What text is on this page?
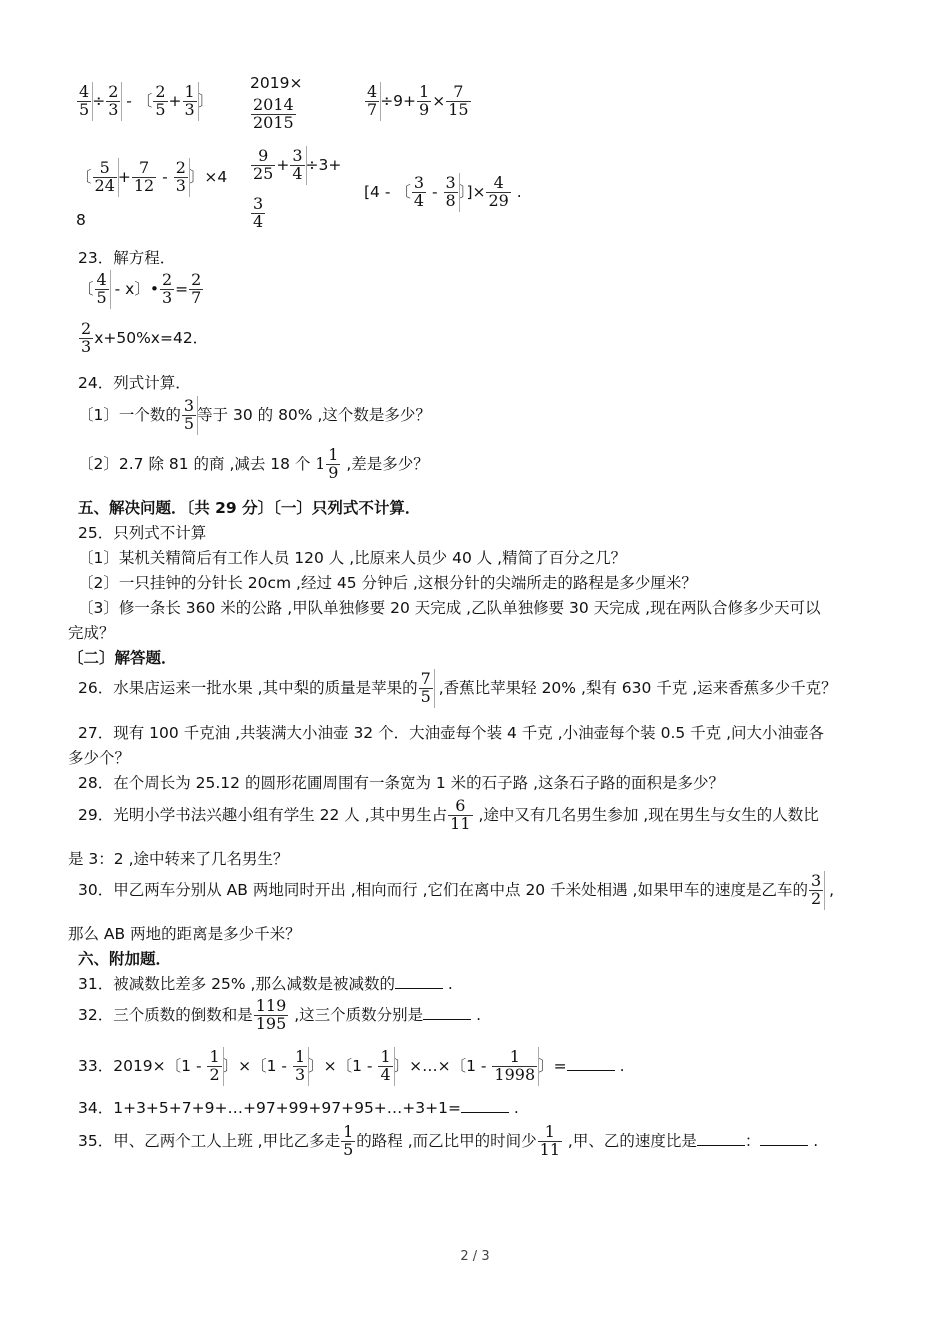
$\frac{4}{5} \div \frac{2}{3}$ - 〔 $\frac{2}{5} + \frac{1}{3}$ 〕
2019×
$\frac{2014}{2015}$	$\frac{4}{7} \div 9+ \frac{1}{9} \times \frac{7}{15}$
〔 $\frac{5}{24} + \frac{7}{12} - \frac{2}{3}$ 〕×4
8
$\frac{9}{25} + \frac{3}{4} \div 3+$
$\frac{3}{4}$
[4 - 〔 $\frac{3}{4} - \frac{3}{8}$ 〕]× $\frac{4}{29}$ .
23．解方程．
〔 $\frac{4}{5}$ - x〕• $\frac{2}{3} = \frac{2}{7}$
$\frac{2}{3} x+50\%x=42$．
24．列式计算．
〔1〕一个数的 $\frac{3}{5}$ 等于 30 的 80% ,这个数是多少？
〔2〕2.7 除 81 的商 ,减去 18 个 $1 \frac{1}{9}$ ,差是多少？
五、解决问题．〔共 29 分〕〔一〕只列式不计算．
25．只列式不计算
〔1〕某机关精简后有工作人员 120 人 ,比原来人员少 40 人 ,精简了百分之几？
〔2〕一只挂钟的分针长 20cm ,经过 45 分钟后 ,这根分针的尖端所走的路程是多少厘米？
〔3〕修一条长 360 米的公路 ,甲队单独修要 20 天完成 ,乙队单独修要 30 天完成 ,现在两队合修多少天可以
完成？
〔二〕解答题．
26．水果店运来一批水果 ,其中梨的质量是苹果的 $\frac{7}{5}$ ,香蕉比苹果轻 20% ,梨有 630 千克 ,运来香蕉多少千克？
27．现有 100 千克油 ,共装满大小油壶 32 个．大油壶每个装 4 千克 ,小油壶每个装 0.5 千克 ,问大小油壶各
多少个？
28．在个周长为 25.12 的圆形花圃周围有一条宽为 1 米的石子路 ,这条石子路的面积是多少？
29．光明小学书法兴趣小组有学生 22 人 ,其中男生占 $\frac{6}{11}$ ,途中又有几名男生参加 ,现在男生与女生的人数比
是 3：2 ,途中转来了几名男生？
30．甲乙两车分别从 AB 两地同时开出 ,相向而行 ,它们在离中点 20 千米处相遇 ,如果甲车的速度是乙车的 $\frac{3}{2}$ ,
那么 AB 两地的距离是多少千米？
六、附加题．
31．被减数比差多 25% ,那么减数是被减数的	.
32．三个质数的倒数和是 $\frac{119}{195}$ ,这三个质数分别是	.
33．2019×〔$1 - \frac{1}{2}$ 〕×〔$1 - \frac{1}{3}$ 〕×〔$1 - \frac{1}{4}$ 〕×…×〔$1 - \frac{1}{1998}$ 〕=	.
34．1+3+5+7+9+…+97+99+97+95+…+3+1=	.
35．甲、乙两个工人上班 ,甲比乙多走 $\frac{1}{5}$ 的路程 ,而乙比甲的时间少 $\frac{1}{11}$ ,甲、乙的速度比是	：	.
2 / 3
